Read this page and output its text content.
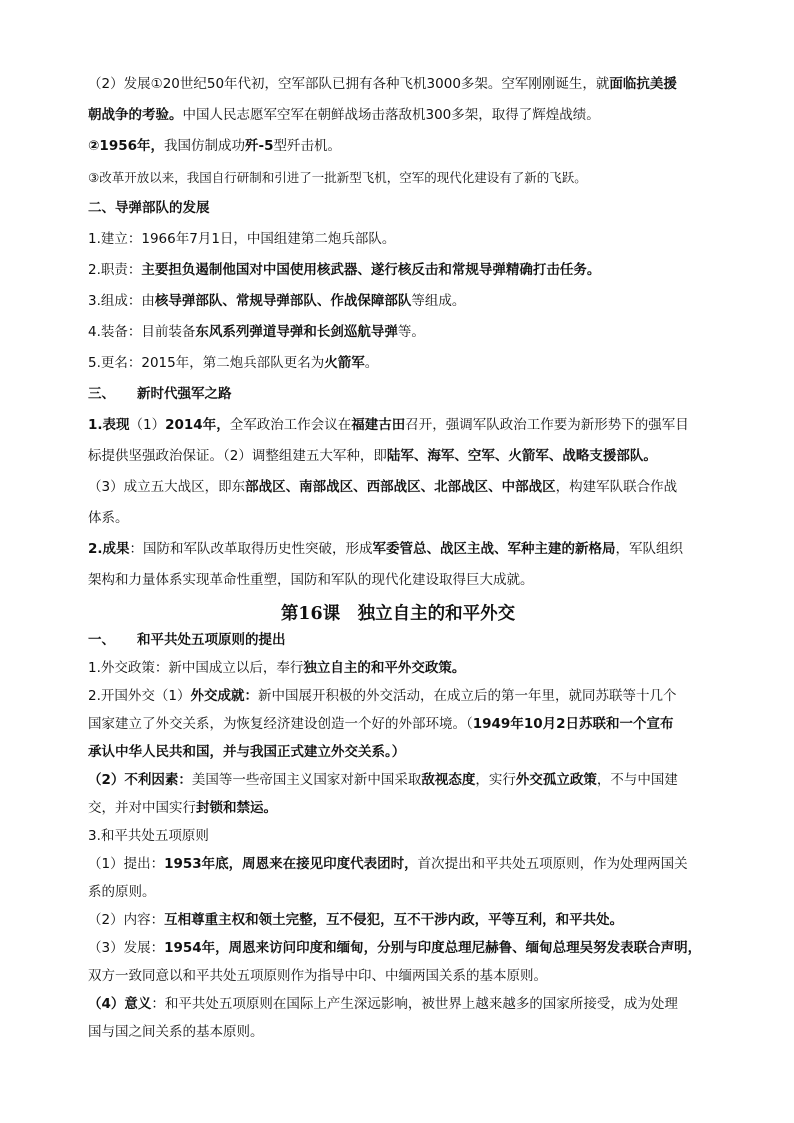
（2）发展①20世纪50年代初，空军部队已拥有各种飞机3000多架。空军刚刚诞生，就面临抗美援

朝战争的考验。中国人民志愿军空军在朝鲜战场击落敌机300多架，取得了辉煌战绩。

②1956年，我国仿制成功歼-5型歼击机。

③改革开放以来，我国自行研制和引进了一批新型飞机，空军的现代化建设有了新的飞跃。

二、导弹部队的发展

1.建立：1966年7月1日，中国组建第二炮兵部队。

2.职责：主要担负遏制他国对中国使用核武器、遂行核反击和常规导弹精确打击任务。

3.组成：由核导弹部队、常规导弹部队、作战保障部队等组成。

4.装备：目前装备东风系列弹道导弹和长剑巡航导弹等。

5.更名：2015年，第二炮兵部队更名为火箭军。

三、 新时代强军之路

1.表现（1）2014年，全军政治工作会议在福建古田召开，强调军队政治工作要为新形势下的强军目

标提供坚强政治保证。（2）调整组建五大军种，即陆军、海军、空军、火箭军、战略支援部队。

（3）成立五大战区，即东部战区、南部战区、西部战区、北部战区、中部战区，构建军队联合作战

体系。

2.成果：国防和军队改革取得历史性突破，形成军委管总、战区主战、军种主建的新格局，军队组织

架构和力量体系实现革命性重塑，国防和军队的现代化建设取得巨大成就。

第16课　独立自主的和平外交

一、 和平共处五项原则的提出

1.外交政策：新中国成立以后，奉行独立自主的和平外交政策。

2.开国外交（1）外交成就：新中国展开积极的外交活动，在成立后的第一年里，就同苏联等十几个

国家建立了外交关系，为恢复经济建设创造一个好的外部环境。（1949年10月2日苏联和一个宣布

承认中华人民共和国，并与我国正式建立外交关系。）

（2）不利因素：美国等一些帝国主义国家对新中国采取敌视态度，实行外交孤立政策，不与中国建

交，并对中国实行封锁和禁运。

3.和平共处五项原则

（1）提出：1953年底，周恩来在接见印度代表团时，首次提出和平共处五项原则，作为处理两国关

系的原则。

（2）内容：互相尊重主权和领土完整，互不侵犯，互不干涉内政，平等互利，和平共处。

（3）发展：1954年，周恩来访问印度和缅甸，分别与印度总理尼赫鲁、缅甸总理吴努发表联合声明，

双方一致同意以和平共处五项原则作为指导中印、中缅两国关系的基本原则。

（4）意义：和平共处五项原则在国际上产生深远影响，被世界上越来越多的国家所接受，成为处理

国与国之间关系的基本原则。
